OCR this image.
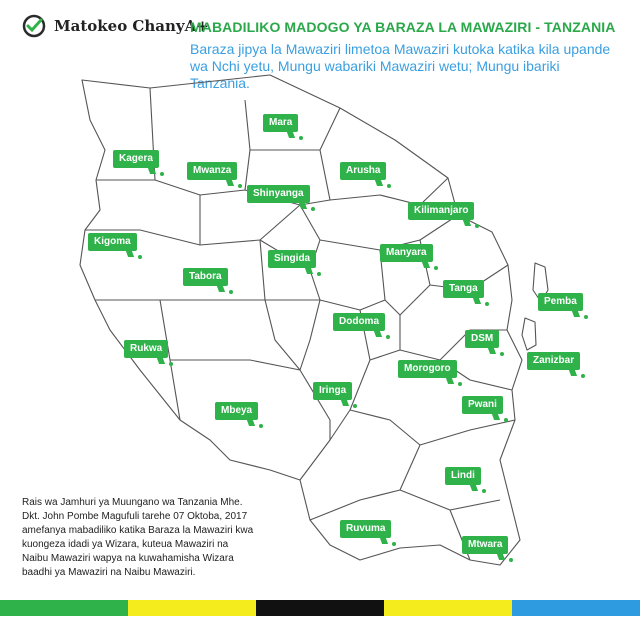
Matokeo ChanyA+
MABADILIKO MADOGO YA BARAZA LA MAWAZIRI - TANZANIA
Baraza jipya la Mawaziri limetoa Mawaziri kutoka katika kila upande wa Nchi yetu, Mungu wabariki Mawaziri wetu; Mungu ibariki Tanzania.
Mara
Kagera
Mwanza	Arusha
Shinyanga
Kilimanjaro
Kigoma
Singida
Manyara
Tabora
Tanga
Pemba
Dodoma
DSM
Zanizbar
Rukwa
Morogoro
Iringa
Pwani
Mbeya
Lindi
Ruvuma
Mtwara
Rais wa Jamhuri ya Muungano wa Tanzania Mhe. Dkt. John Pombe Magufuli tarehe 07 Oktoba, 2017 amefanya mabadiliko katika Baraza la Mawaziri kwa kuongeza idadi ya Wizara, kuteua Mawaziri na Naibu Mawaziri wapya na kuwahamisha Wizara baadhi ya Mawaziri na Naibu Mawaziri.
